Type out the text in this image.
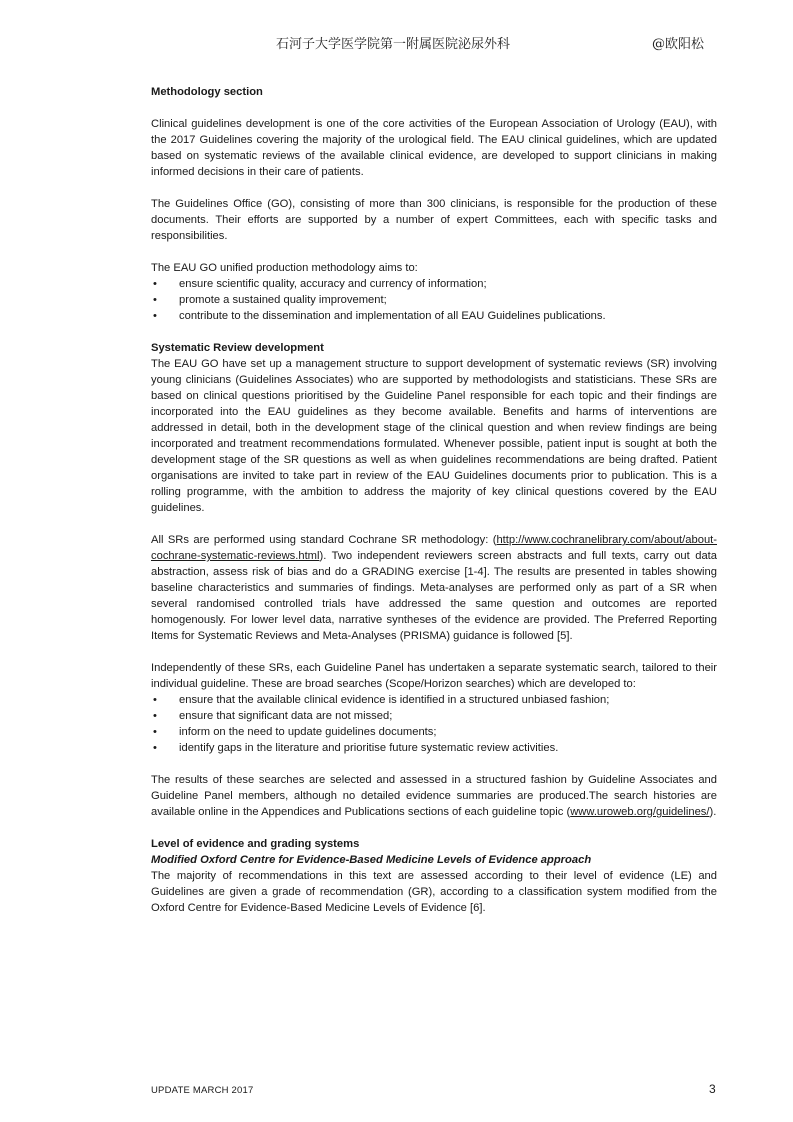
石河子大学医学院第一附属医院泌尿外科	@欧阳松
Methodology section

Clinical guidelines development is one of the core activities of the European Association of Urology (EAU), with the 2017 Guidelines covering the majority of the urological field. The EAU clinical guidelines, which are updated based on systematic reviews of the available clinical evidence, are developed to support clinicians in making informed decisions in their care of patients.

The Guidelines Office (GO), consisting of more than 300 clinicians, is responsible for the production of these documents. Their efforts are supported by a number of expert Committees, each with specific tasks and responsibilities.

The EAU GO unified production methodology aims to:

• ensure scientific quality, accuracy and currency of information;
• promote a sustained quality improvement;
• contribute to the dissemination and implementation of all EAU Guidelines publications.
Systematic Review development

The EAU GO have set up a management structure to support development of systematic reviews (SR) involving young clinicians (Guidelines Associates) who are supported by methodologists and statisticians. These SRs are based on clinical questions prioritised by the Guideline Panel responsible for each topic and their findings are incorporated into the EAU guidelines as they become available. Benefits and harms of interventions are addressed in detail, both in the development stage of the clinical question and when review findings are being incorporated and treatment recommendations formulated. Whenever possible, patient input is sought at both the development stage of the SR questions as well as when guidelines recommendations are being drafted. Patient organisations are invited to take part in review of the EAU Guidelines documents prior to publication. This is a rolling programme, with the ambition to address the majority of key clinical questions covered by the EAU guidelines.

All SRs are performed using standard Cochrane SR methodology: (http://www.cochranelibrary.com/about/about-cochrane-systematic-reviews.html). Two independent reviewers screen abstracts and full texts, carry out data abstraction, assess risk of bias and do a GRADING exercise [1-4]. The results are presented in tables showing baseline characteristics and summaries of findings. Meta-analyses are performed only as part of a SR when several randomised controlled trials have addressed the same question and outcomes are reported homogenously. For lower level data, narrative syntheses of the evidence are provided. The Preferred Reporting Items for Systematic Reviews and Meta-Analyses (PRISMA) guidance is followed [5].

Independently of these SRs, each Guideline Panel has undertaken a separate systematic search, tailored to their individual guideline. These are broad searches (Scope/Horizon searches) which are developed to:

• ensure that the available clinical evidence is identified in a structured unbiased fashion;
• ensure that significant data are not missed;
• inform on the need to update guidelines documents;
• identify gaps in the literature and prioritise future systematic review activities.

The results of these searches are selected and assessed in a structured fashion by Guideline Associates and Guideline Panel members, although no detailed evidence summaries are produced.The search histories are available online in the Appendices and Publications sections of each guideline topic (www.uroweb.org/guidelines/).

Level of evidence and grading systems
Modified Oxford Centre for Evidence-Based Medicine Levels of Evidence approach

The majority of recommendations in this text are assessed according to their level of evidence (LE) and Guidelines are given a grade of recommendation (GR), according to a classification system modified from the Oxford Centre for Evidence-Based Medicine Levels of Evidence [6].

UPDATE MARCH 2017	3
